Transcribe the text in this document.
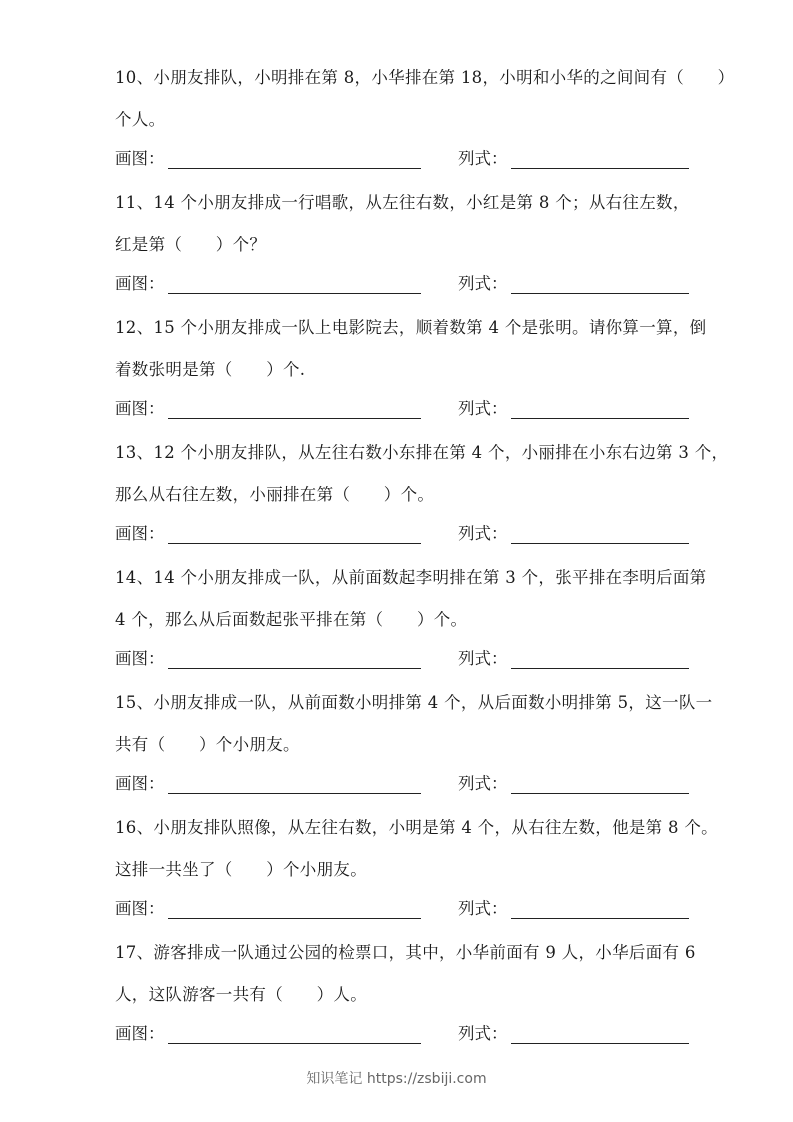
10、小朋友排队，小明排在第 8，小华排在第 18，小明和小华的之间间有（　　）

个人。

画图：	列式：

11、14 个小朋友排成一行唱歌，从左往右数，小红是第 8 个；从右往左数，

红是第（　　）个？

画图：	列式：

12、15 个小朋友排成一队上电影院去，顺着数第 4 个是张明。请你算一算，倒

着数张明是第（　　）个.

画图：	列式：

13、12 个小朋友排队，从左往右数小东排在第 4 个，小丽排在小东右边第 3 个，

那么从右往左数，小丽排在第（　　）个。

画图：	列式：

14、14 个小朋友排成一队，从前面数起李明排在第 3 个，张平排在李明后面第

4 个，那么从后面数起张平排在第（　　）个。

画图：	列式：

15、小朋友排成一队，从前面数小明排第 4 个，从后面数小明排第 5，这一队一

共有（　　）个小朋友。

画图：	列式：

16、小朋友排队照像，从左往右数，小明是第 4 个，从右往左数，他是第 8 个。

这排一共坐了（　　）个小朋友。

画图：	列式：

17、游客排成一队通过公园的检票口，其中，小华前面有 9 人，小华后面有 6

人，这队游客一共有（　　）人。

画图：	列式：
知识笔记 https://zsbiji.com
